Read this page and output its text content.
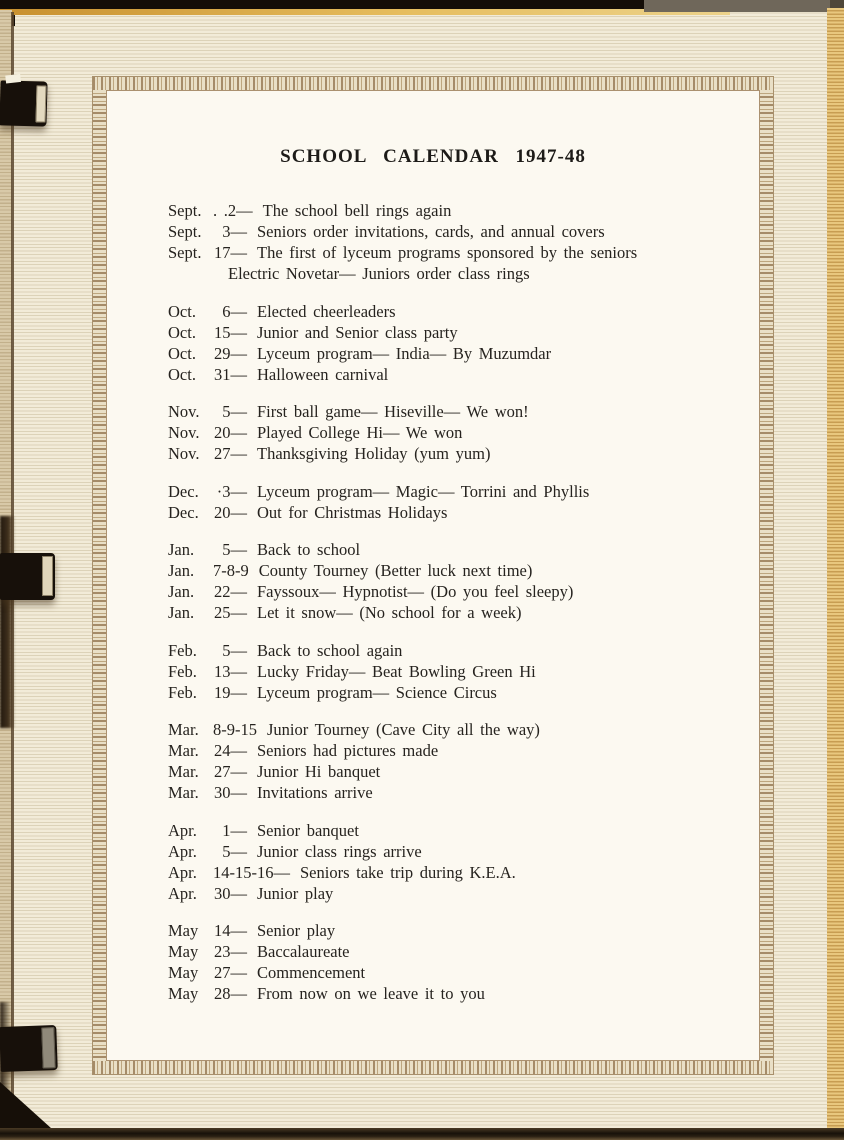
SCHOOL CALENDAR 1947-48
Sept. . .2— The school bell rings again
Sept.	3— Seniors order invitations, cards, and annual covers
Sept. 17— The first of lyceum programs sponsored by the seniors
Electric Novetar— Juniors order class rings
Oct.	6— Elected cheerleaders
Oct.	15— Junior and Senior class party
Oct.	29— Lyceum program— India— By Muzumdar
Oct.	31— Halloween carnival
Nov.	5— First ball game— Hiseville— We won!
Nov. 20— Played College Hi— We won
Nov. 27— Thanksgiving Holiday (yum yum)
Dec.	·3— Lyceum program— Magic— Torrini and Phyllis
Dec. 20— Out for Christmas Holidays
Jan.	5— Back to school
Jan.	7-8-9 County Tourney (Better luck next time)
Jan.	22— Fayssoux— Hypnotist— (Do you feel sleepy)
Jan.	25— Let it snow— (No school for a week)
Feb.	5— Back to school again
Feb.	13— Lucky Friday— Beat Bowling Green Hi
Feb.	19— Lyceum program— Science Circus
Mar. 8-9-15 Junior Tourney (Cave City all the way)
Mar. 24— Seniors had pictures made
Mar. 27— Junior Hi banquet
Mar. 30— Invitations arrive
Apr.	1— Senior banquet
Apr.	5— Junior class rings arrive
Apr. 14-15-16— Seniors take trip during K.E.A.
Apr.	30— Junior play
May 14— Senior play
May 23— Baccalaureate
May 27— Commencement
May 28— From now on we leave it to you
